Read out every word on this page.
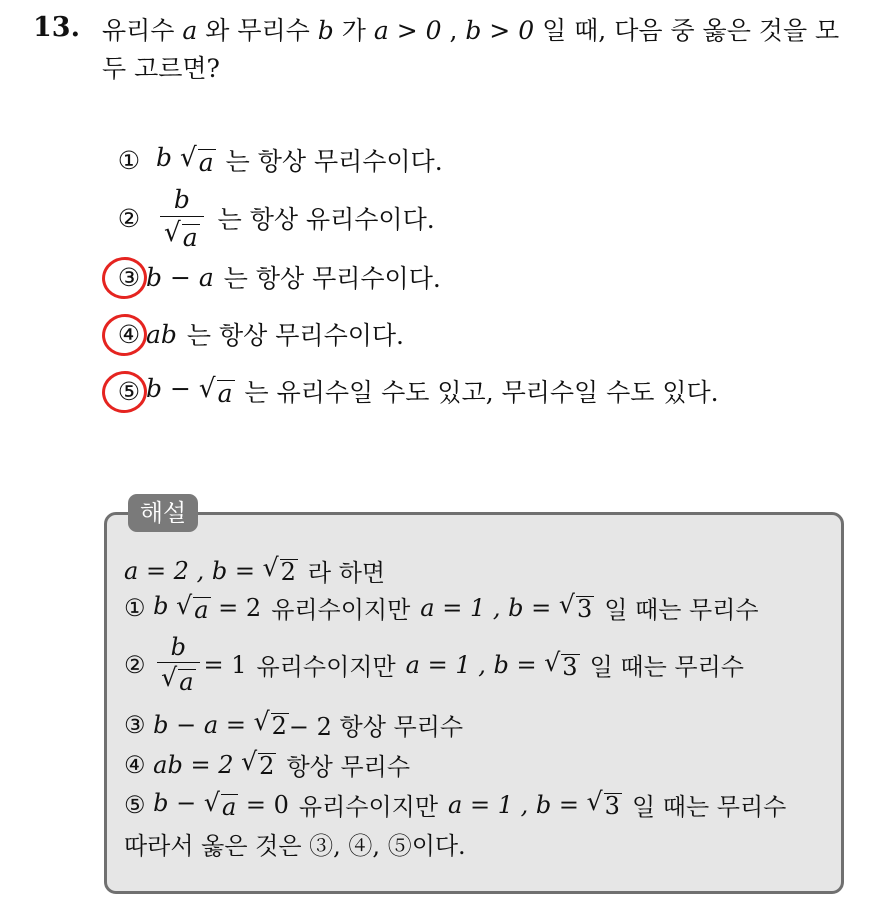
13. 유리수 a 와 무리수 b 가 a > 0 , b > 0 일 때, 다음 중 옳은 것을 모두 고르면?
① b √ a 는 항상 무리수이다.
② $\frac{b}{√ a}$ 는 항상 유리수이다.
③ b − a 는 항상 무리수이다.
④ ab 는 항상 무리수이다.
⑤ b − √ a 는 유리수일 수도 있고, 무리수일 수도 있다.
해설
a = 2 , b =
√ 2 라 하면
①
b √ a
= 2 유리수이지만 a = 1 , b =
√ 3 일 때는 무리수
②
$\frac{b}{√ a} = 1$ 유리수이지만 a = 1 , b =
√ 3 일 때는 무리수
③
b − a =
√ 2 − 2 항상 무리수
④
ab = 2
√ 2 항상 무리수
⑤
b − √ a
= 0 유리수이지만 a = 1 , b =
√ 3 일 때는 무리수
따라서 옳은 것은 ③, ④, ⑤이다.
